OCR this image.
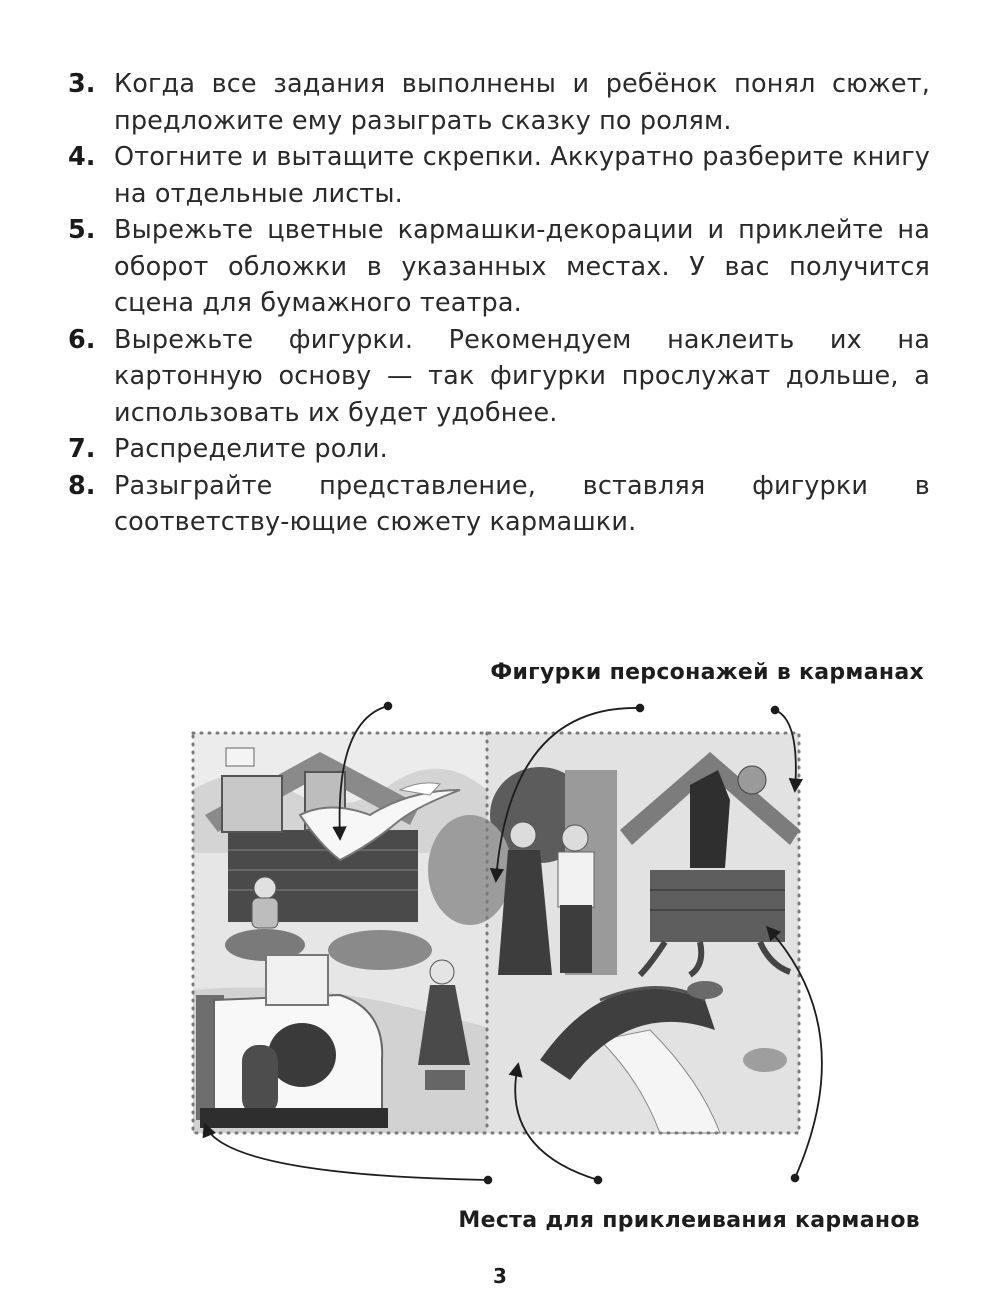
3. Когда все задания выполнены и ребёнок понял сюжет, предложите ему разыграть сказку по ролям.
4. Отогните и вытащите скрепки. Аккуратно разберите книгу на отдельные листы.
5. Вырежьте цветные кармашки-декорации и приклейте на оборот обложки в указанных местах. У вас получится сцена для бумажного театра.
6. Вырежьте фигурки. Рекомендуем наклеить их на картонную основу — так фигурки прослужат дольше, а использовать их будет удобнее.
7. Распределите роли.
8. Разыграйте представление, вставляя фигурки в соответству-ющие сюжету кармашки.
Фигурки персонажей в карманах
Места для приклеивания карманов
3
